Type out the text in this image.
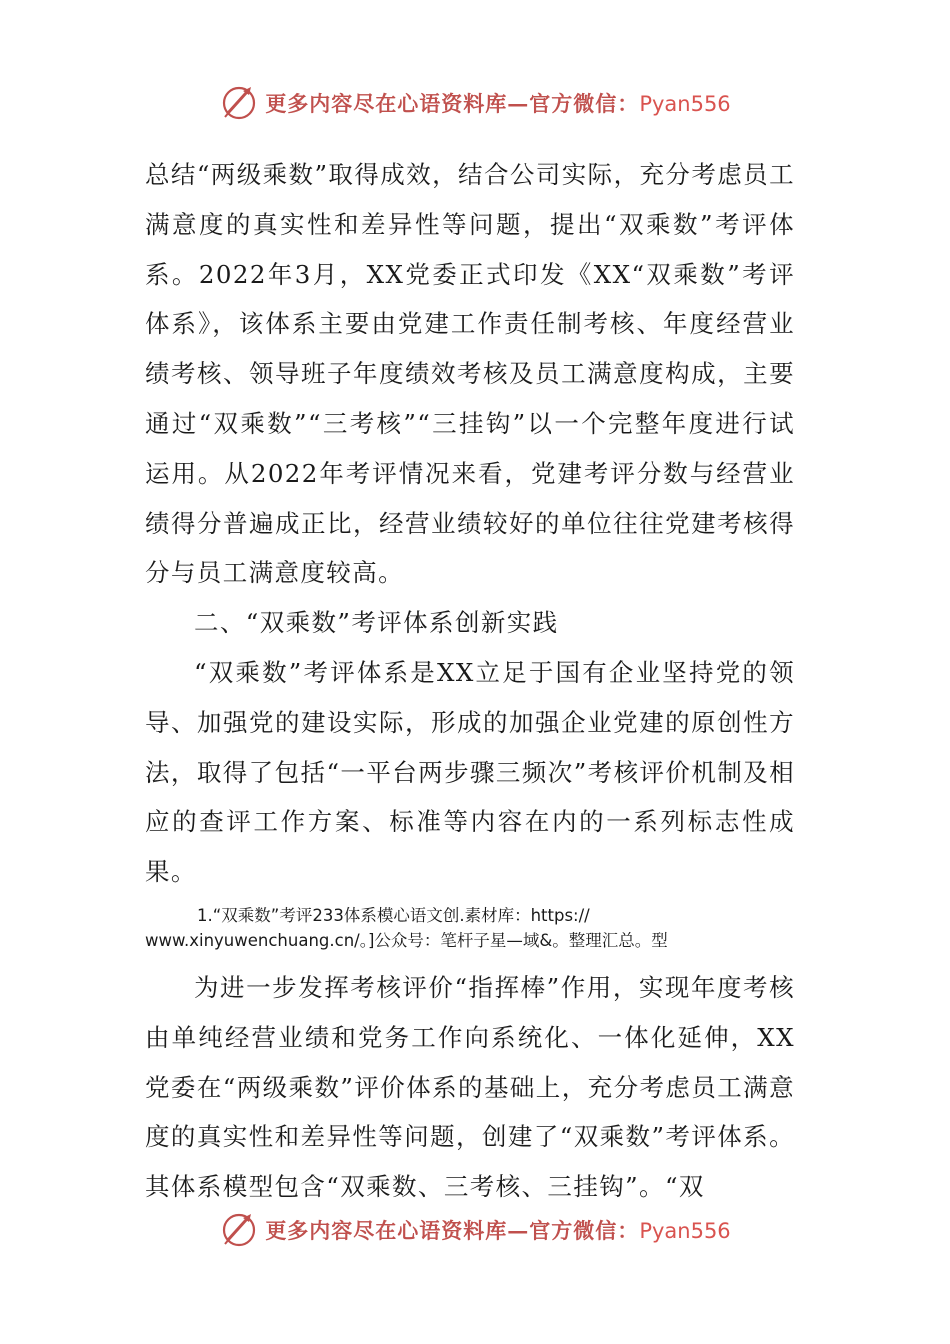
更多内容尽在心语资料库—官方微信：Pyan556

总结“两级乘数”取得成效，结合公司实际，充分考虑员工满意度的真实性和差异性等问题，提出“双乘数”考评体系。2022年3月，XX党委正式印发《XX“双乘数”考评体系》，该体系主要由党建工作责任制考核、年度经营业绩考核、领导班子年度绩效考核及员工满意度构成，主要通过“双乘数”“三考核”“三挂钩”以一个完整年度进行试运用。从2022年考评情况来看，党建考评分数与经营业绩得分普遍成正比，经营业绩较好的单位往往党建考核得分与员工满意度较高。

二、“双乘数”考评体系创新实践

“双乘数”考评体系是XX立足于国有企业坚持党的领导、加强党的建设实际，形成的加强企业党建的原创性方法，取得了包括“一平台两步骤三频次”考核评价机制及相应的查评工作方案、标准等内容在内的一系列标志性成果。

1.“双乘数”考评233体系模心语文创.素材库：https://
www.xinyuwenchuang.cn/。]公众号：笔杆子星—域&。整理汇总。型

为进一步发挥考核评价“指挥棒”作用，实现年度考核由单纯经营业绩和党务工作向系统化、一体化延伸，XX党委在“两级乘数”评价体系的基础上，充分考虑员工满意度的真实性和差异性等问题，创建了“双乘数”考评体系。其体系模型包含“双乘数、三考核、三挂钩”。“双

更多内容尽在心语资料库—官方微信：Pyan556
